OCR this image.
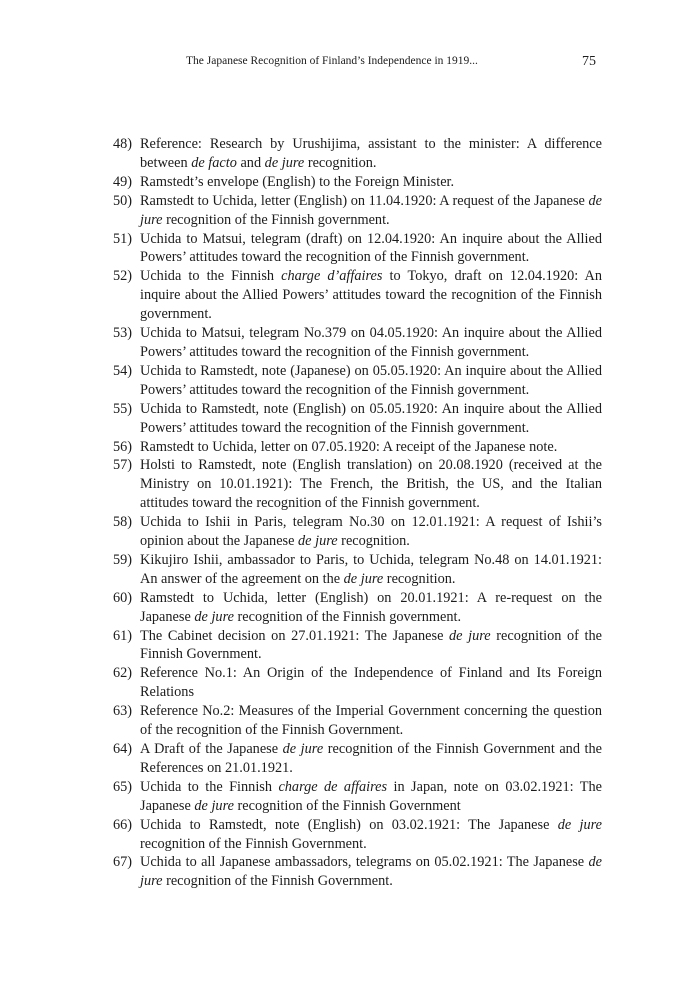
The Japanese Recognition of Finland’s Independence in 1919...	75
48) Reference: Research by Urushijima, assistant to the minister: A difference between de facto and de jure recognition.
49) Ramstedt’s envelope (English) to the Foreign Minister.
50) Ramstedt to Uchida, letter (English) on 11.04.1920: A request of the Japanese de jure recognition of the Finnish government.
51) Uchida to Matsui, telegram (draft) on 12.04.1920: An inquire about the Allied Powers’ attitudes toward the recognition of the Finnish government.
52) Uchida to the Finnish charge d’affaires to Tokyo, draft on 12.04.1920: An inquire about the Allied Powers’ attitudes toward the recognition of the Finnish government.
53) Uchida to Matsui, telegram No.379 on 04.05.1920: An inquire about the Allied Powers’ attitudes toward the recognition of the Finnish government.
54) Uchida to Ramstedt, note (Japanese) on 05.05.1920: An inquire about the Allied Powers’ attitudes toward the recognition of the Finnish government.
55) Uchida to Ramstedt, note (English) on 05.05.1920: An inquire about the Allied Powers’ attitudes toward the recognition of the Finnish government.
56) Ramstedt to Uchida, letter on 07.05.1920: A receipt of the Japanese note.
57) Holsti to Ramstedt, note (English translation) on 20.08.1920 (received at the Ministry on 10.01.1921): The French, the British, the US, and the Italian attitudes toward the recognition of the Finnish government.
58) Uchida to Ishii in Paris, telegram No.30 on 12.01.1921: A request of Ishii’s opinion about the Japanese de jure recognition.
59) Kikujiro Ishii, ambassador to Paris, to Uchida, telegram No.48 on 14.01.1921: An answer of the agreement on the de jure recognition.
60) Ramstedt to Uchida, letter (English) on 20.01.1921: A re-request on the Japanese de jure recognition of the Finnish government.
61) The Cabinet decision on 27.01.1921: The Japanese de jure recognition of the Finnish Government.
62) Reference No.1: An Origin of the Independence of Finland and Its Foreign Relations
63) Reference No.2: Measures of the Imperial Government concerning the question of the recognition of the Finnish Government.
64) A Draft of the Japanese de jure recognition of the Finnish Government and the References on 21.01.1921.
65) Uchida to the Finnish charge de affaires in Japan, note on 03.02.1921: The Japanese de jure recognition of the Finnish Government
66) Uchida to Ramstedt, note (English) on 03.02.1921: The Japanese de jure recognition of the Finnish Government.
67) Uchida to all Japanese ambassadors, telegrams on 05.02.1921: The Japanese de jure recognition of the Finnish Government.
